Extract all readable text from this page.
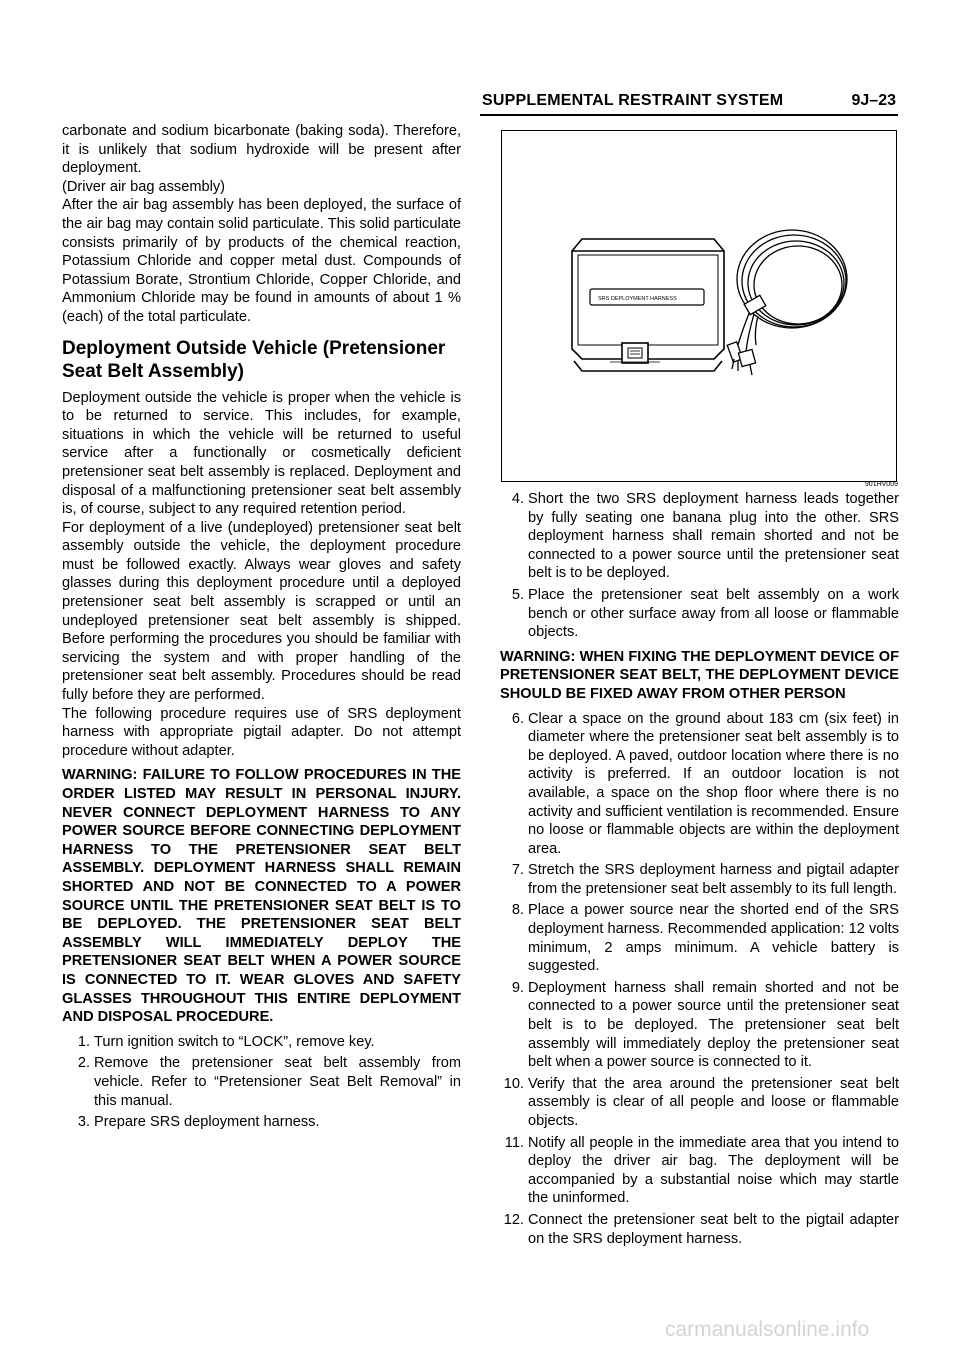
SUPPLEMENTAL RESTRAINT SYSTEM	9J–23

carbonate and sodium bicarbonate (baking soda). Therefore, it is unlikely that sodium hydroxide will be present after deployment.

(Driver air bag assembly)

After the air bag assembly has been deployed, the surface of the air bag may contain solid particulate. This solid particulate consists primarily of by products of the chemical reaction, Potassium Chloride and copper metal dust. Compounds of Potassium Borate, Strontium Chloride, Copper Chloride, and Ammonium Chloride may be found in amounts of about 1 % (each) of the total particulate.

Deployment Outside Vehicle (Pretensioner Seat Belt Assembly)

Deployment outside the vehicle is proper when the vehicle is to be returned to service. This includes, for example, situations in which the vehicle will be returned to useful service after a functionally or cosmetically deficient pretensioner seat belt assembly is replaced. Deployment and disposal of a malfunctioning pretensioner seat belt assembly is, of course, subject to any required retention period.

For deployment of a live (undeployed) pretensioner seat belt assembly outside the vehicle, the deployment procedure must be followed exactly. Always wear gloves and safety glasses during this deployment procedure until a deployed pretensioner seat belt assembly is scrapped or until an undeployed pretensioner seat belt assembly is shipped. Before performing the procedures you should be familiar with servicing the system and with proper handling of the pretensioner seat belt assembly. Procedures should be read fully before they are performed.

The following procedure requires use of SRS deployment harness with appropriate pigtail adapter. Do not attempt procedure without adapter.

WARNING: FAILURE TO FOLLOW PROCEDURES IN THE ORDER LISTED MAY RESULT IN PERSONAL INJURY. NEVER CONNECT DEPLOYMENT HARNESS TO ANY POWER SOURCE BEFORE CONNECTING DEPLOYMENT HARNESS TO THE PRETENSIONER SEAT BELT ASSEMBLY. DEPLOYMENT HARNESS SHALL REMAIN SHORTED AND NOT BE CONNECTED TO A POWER SOURCE UNTIL THE PRETENSIONER SEAT BELT IS TO BE DEPLOYED. THE PRETENSIONER SEAT BELT ASSEMBLY WILL IMMEDIATELY DEPLOY THE PRETENSIONER SEAT BELT WHEN A POWER SOURCE IS CONNECTED TO IT. WEAR GLOVES AND SAFETY GLASSES THROUGHOUT THIS ENTIRE DEPLOYMENT AND DISPOSAL PROCEDURE.

1. Turn ignition switch to “LOCK”, remove key.
2. Remove the pretensioner seat belt assembly from vehicle. Refer to “Pretensioner Seat Belt Removal” in this manual.
3. Prepare SRS deployment harness.
SRS DEPLOYMENT HARNESS
901HV009
4. Short the two SRS deployment harness leads together by fully seating one banana plug into the other. SRS deployment harness shall remain shorted and not be connected to a power source until the pretensioner seat belt is to be deployed.
5. Place the pretensioner seat belt assembly on a work bench or other surface away from all loose or flammable objects.

WARNING: WHEN FIXING THE DEPLOYMENT DEVICE OF PRETENSIONER SEAT BELT, THE DEPLOYMENT DEVICE SHOULD BE FIXED AWAY FROM OTHER PERSON

6. Clear a space on the ground about 183 cm (six feet) in diameter where the pretensioner seat belt assembly is to be deployed. A paved, outdoor location where there is no activity is preferred. If an outdoor location is not available, a space on the shop floor where there is no activity and sufficient ventilation is recommended. Ensure no loose or flammable objects are within the deployment area.
7. Stretch the SRS deployment harness and pigtail adapter from the pretensioner seat belt assembly to its full length.
8. Place a power source near the shorted end of the SRS deployment harness. Recommended application: 12 volts minimum, 2 amps minimum. A vehicle battery is suggested.
9. Deployment harness shall remain shorted and not be connected to a power source until the pretensioner seat belt is to be deployed. The pretensioner seat belt assembly will immediately deploy the pretensioner seat belt when a power source is connected to it.
10. Verify that the area around the pretensioner seat belt assembly is clear of all people and loose or flammable objects.
11. Notify all people in the immediate area that you intend to deploy the driver air bag. The deployment will be accompanied by a substantial noise which may startle the uninformed.
12. Connect the pretensioner seat belt to the pigtail adapter on the SRS deployment harness.
carmanualsonline.info
